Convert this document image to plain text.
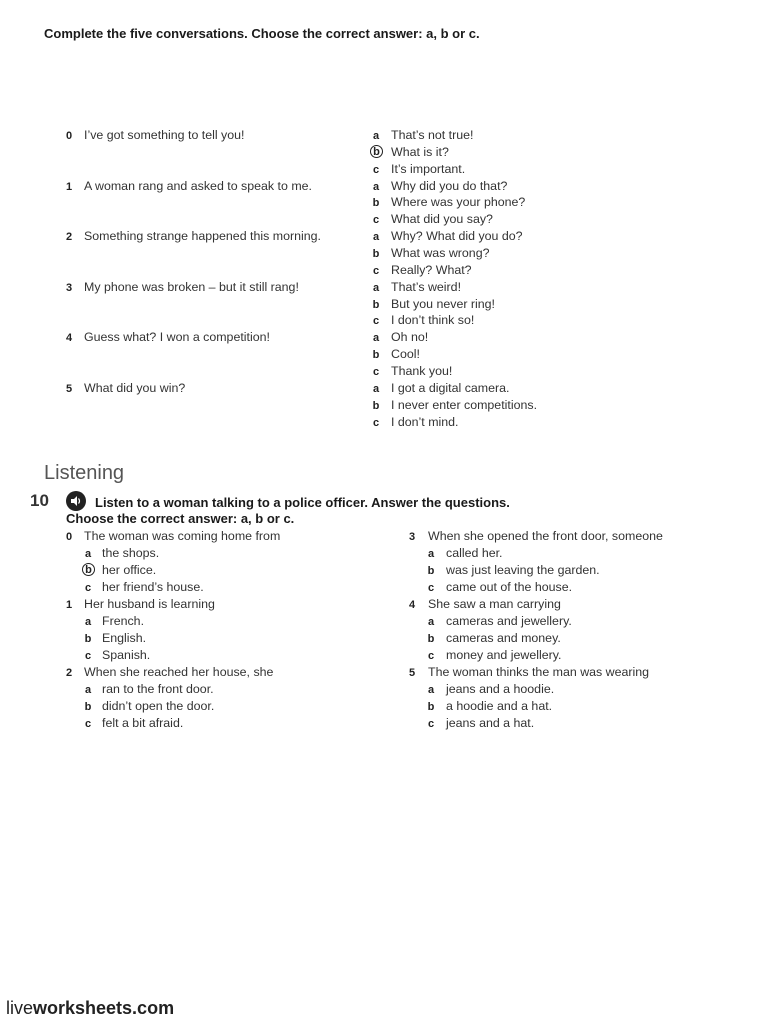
Complete the five conversations. Choose the correct answer: a, b or c.
0 I’ve got something to tell you!	a That’s not true!
b What is it?
c It’s important.
1 A woman rang and asked to speak to me.	a Why did you do that?
b Where was your phone?
c What did you say?
2 Something strange happened this morning.	a Why? What did you do?
b What was wrong?
c Really? What?
3 My phone was broken – but it still rang!	a That’s weird!
b But you never ring!
c I don’t think so!
4 Guess what? I won a competition!	a Oh no!
b Cool!
c Thank you!
5 What did you win?	a I got a digital camera.
b I never enter competitions.
c I don’t mind.
Listening
10	Listen to a woman talking to a police officer. Answer the questions.
Choose the correct answer: a, b or c.
0 The woman was coming home from
a the shops.
b her office.
c her friend’s house.
1 Her husband is learning
a French.
b English.
c Spanish.
2 When she reached her house, she
a ran to the front door.
b didn’t open the door.
c felt a bit afraid.
3 When she opened the front door, someone
a called her.
b was just leaving the garden.
c came out of the house.
4 She saw a man carrying
a cameras and jewellery.
b cameras and money.
c money and jewellery.
5 The woman thinks the man was wearing
a jeans and a hoodie.
b a hoodie and a hat.
c jeans and a hat.
liveworksheets.com
